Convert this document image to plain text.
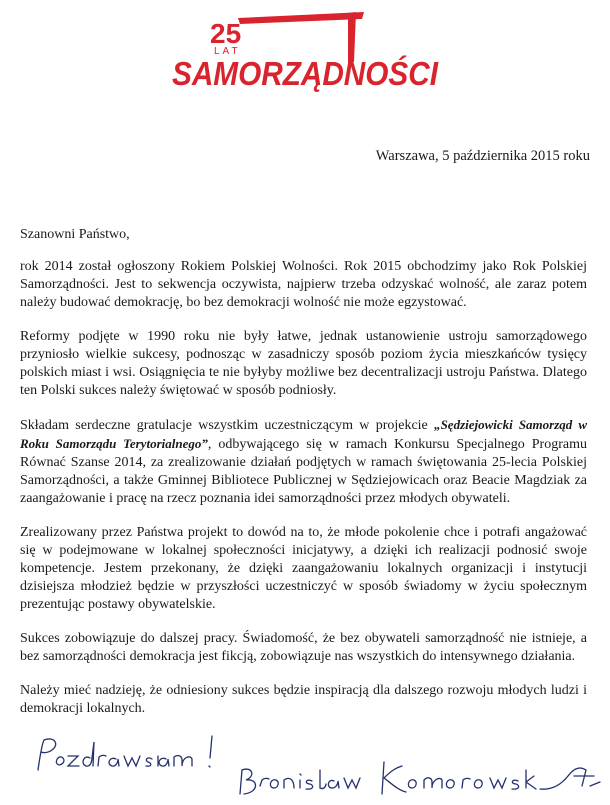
25
LAT
SAMORZĄDNOŚCI
Warszawa, 5 października 2015 roku
Szanowni Państwo,

rok 2014 został ogłoszony Rokiem Polskiej Wolności. Rok 2015 obchodzimy jako Rok Polskiej Samorządności. Jest to sekwencja oczywista, najpierw trzeba odzyskać wolność, ale zaraz potem należy budować demokrację, bo bez demokracji wolność nie może egzystować.

Reformy podjęte w 1990 roku nie były łatwe, jednak ustanowienie ustroju samorządowego przyniosło wielkie sukcesy, podnosząc w zasadniczy sposób poziom życia mieszkańców tysięcy polskich miast i wsi. Osiągnięcia te nie byłyby możliwe bez decentralizacji ustroju Państwa. Dlatego ten Polski sukces należy świętować w sposób podniosły.

Składam serdeczne gratulacje wszystkim uczestniczącym w projekcie „Sędziejowicki Samorząd w Roku Samorządu Terytorialnego”, odbywającego się w ramach Konkursu Specjalnego Programu Równać Szanse 2014, za zrealizowanie działań podjętych w ramach świętowania 25-lecia Polskiej Samorządności, a także Gminnej Bibliotece Publicznej w Sędziejowicach oraz Beacie Magdziak za zaangażowanie i pracę na rzecz poznania idei samorządności przez młodych obywateli.

Zrealizowany przez Państwa projekt to dowód na to, że młode pokolenie chce i potrafi angażować się w podejmowane w lokalnej społeczności inicjatywy, a dzięki ich realizacji podnosić swoje kompetencje. Jestem przekonany, że dzięki zaangażowaniu lokalnych organizacji i instytucji dzisiejsza młodzież będzie w przyszłości uczestniczyć w sposób świadomy w życiu społecznym prezentując postawy obywatelskie.

Sukces zobowiązuje do dalszej pracy. Świadomość, że bez obywateli samorządność nie istnieje, a bez samorządności demokracja jest fikcją, zobowiązuje nas wszystkich do intensywnego działania.

Należy mieć nadzieję, że odniesiony sukces będzie inspiracją dla dalszego rozwoju młodych ludzi i demokracji lokalnych.
